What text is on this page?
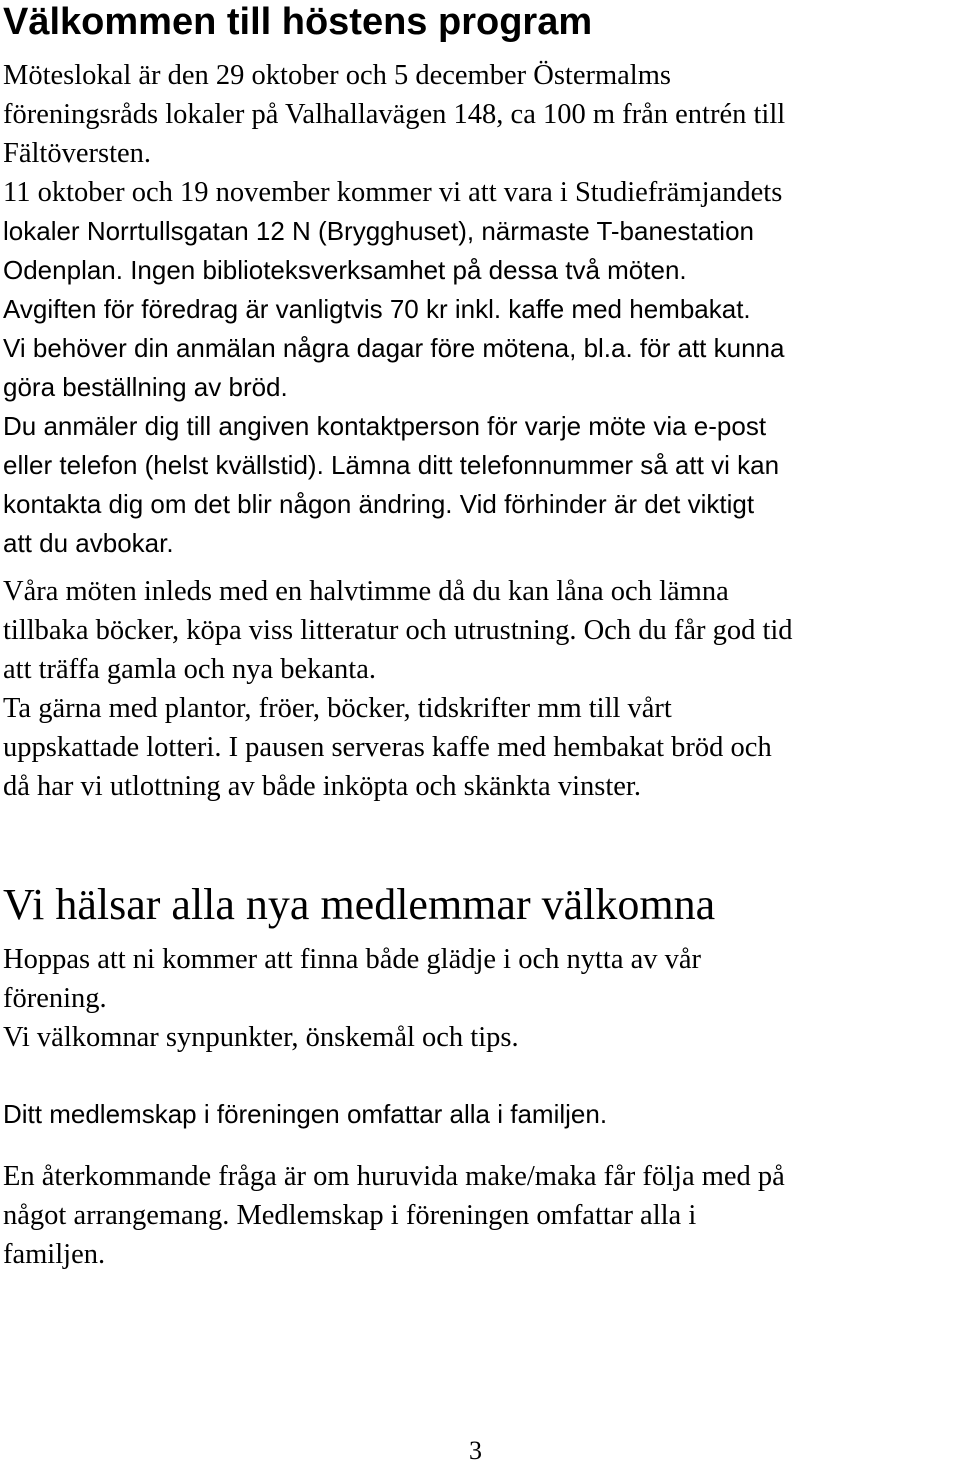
Välkommen till höstens program
Möteslokal är den 29 oktober och 5 december Östermalms
föreningsråds lokaler på Valhallavägen 148, ca 100 m från entrén till
Fältöversten.
11 oktober och 19 november kommer vi att vara i Studiefrämjandets
lokaler Norrtullsgatan 12 N (Brygghuset), närmaste T-banestation
Odenplan. Ingen biblioteksverksamhet på dessa två möten.
Avgiften för föredrag är vanligtvis 70 kr inkl. kaffe med hembakat.
Vi behöver din anmälan några dagar före mötena, bl.a. för att kunna
göra beställning av bröd.
Du anmäler dig till angiven kontaktperson för varje möte via e-post
eller telefon (helst kvällstid). Lämna ditt telefonnummer så att vi kan
kontakta dig om det blir någon ändring. Vid förhinder är det viktigt
att du avbokar.
Våra möten inleds med en halvtimme då du kan låna och lämna
tillbaka böcker, köpa viss litteratur och utrustning. Och du får god tid
att träffa gamla och nya bekanta.
Ta gärna med plantor, fröer, böcker, tidskrifter mm till vårt
uppskattade lotteri. I pausen serveras kaffe med hembakat bröd och
då har vi utlottning av både inköpta och skänkta vinster.
Vi hälsar alla nya medlemmar välkomna
Hoppas att ni kommer att finna både glädje i och nytta av vår
förening.
Vi välkomnar synpunkter, önskemål och tips.
Ditt medlemskap i föreningen omfattar alla i familjen.
En återkommande fråga är om huruvida make/maka får följa med på
något arrangemang. Medlemskap i föreningen omfattar alla i
familjen.
3
